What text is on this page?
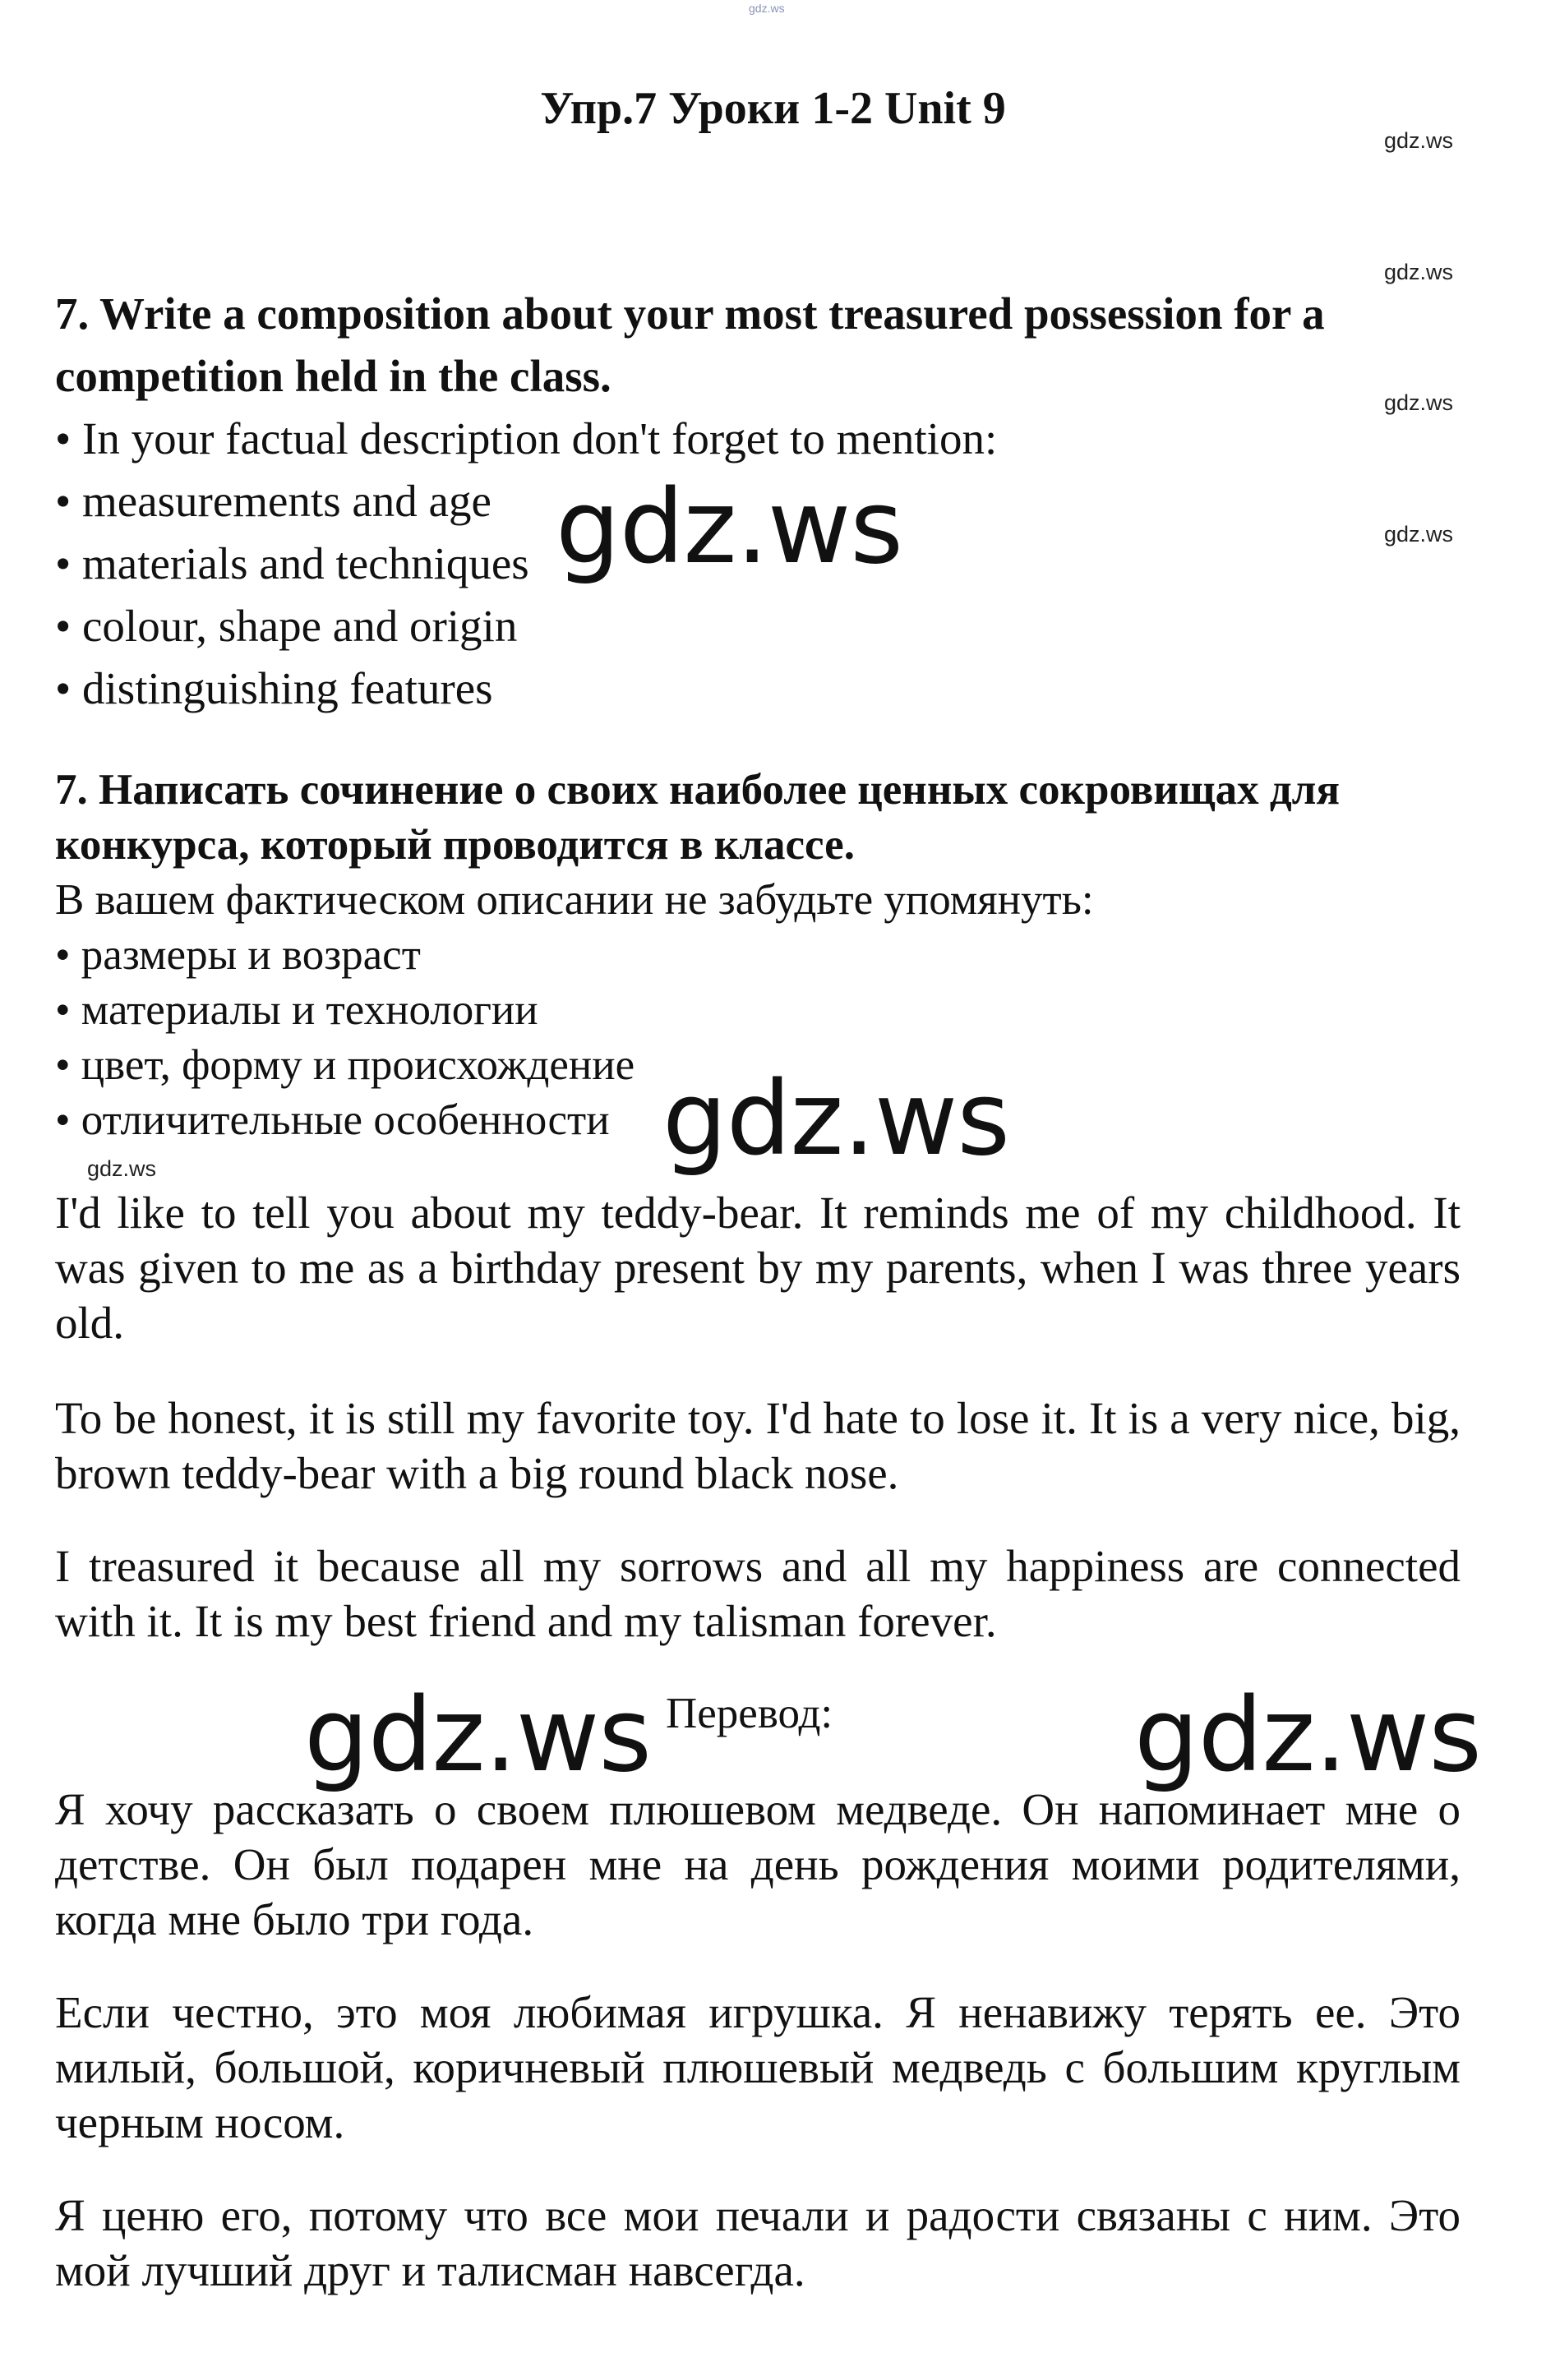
gdz.ws
Упр.7 Уроки 1-2 Unit 9
gdz.ws
gdz.ws
gdz.ws
gdz.ws
7. Write a composition about your most treasured possession for a
competition held in the class.
• In your factual description don't forget to mention:
• measurements and age
• materials and techniques
• colour, shape and origin
• distinguishing features
gdz.ws
7. Написать сочинение о своих наиболее ценных сокровищах для
конкурса, который проводится в классе.
В вашем фактическом описании не забудьте упомянуть:
• размеры и возраст
• материалы и технологии
• цвет, форму и происхождение
• отличительные особенности gdz.ws
gdz.ws
I'd like to tell you about my teddy-bear. It reminds me of my childhood. It was given to me as a birthday present by my parents, when I was three years old.
To be honest, it is still my favorite toy. I'd hate to lose it. It is a very nice, big, brown teddy-bear with a big round black nose.
I treasured it because all my sorrows and all my happiness are connected with it. It is my best friend and my talisman forever.
gdz.ws Перевод:	gdz.ws
Я хочу рассказать о своем плюшевом медведе. Он напоминает мне о детстве. Он был подарен мне на день рождения моими родителями, когда мне было три года.
Если честно, это моя любимая игрушка. Я ненавижу терять ее. Это милый, большой, коричневый плюшевый медведь с большим круглым черным носом.
Я ценю его, потому что все мои печали и радости связаны с ним. Это мой лучший друг и талисман навсегда.
